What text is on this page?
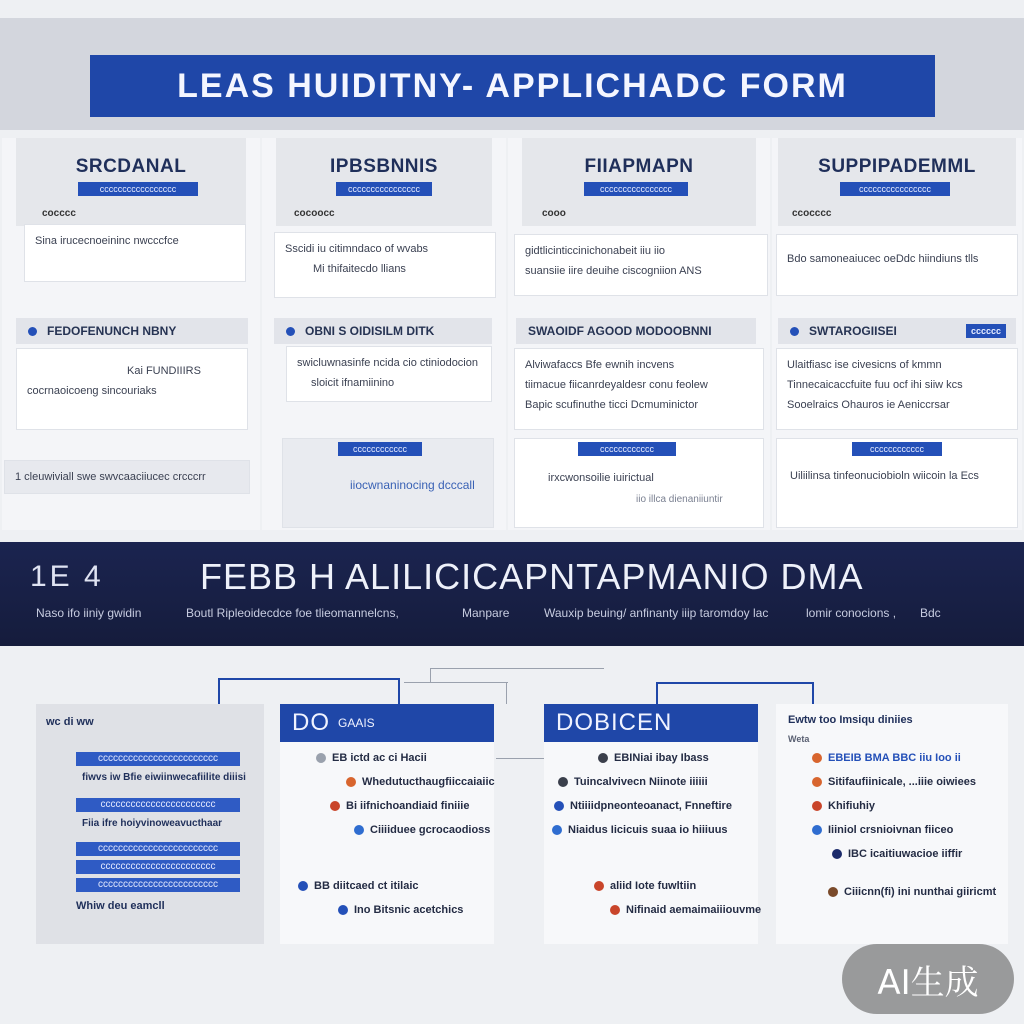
LEAS HUIDITNY- APPLICHADC FORM
SRCDANAL
ccccccccccccccccc
cocccc
Sina irucecnoeininc nwcccfce
FEDOFENUNCH NBNY
Kai FUNDIIIRS
cocrnaoicoeng sincouriaks
1 cleuwiviall swe swvcaaciiucec crcccrr
IPBSBNNIS
cccccccccccccccc
cocoocc
Sscidi iu citimndaco of wvabs
Mi thifaitecdo llians
OBNI S OIDISILM DITK
swicluwnasinfe ncida cio ctiniodocion
sloicit ifnamiinino
cccccccccccc
iiocwnaninocing dcccall
FIIAPMAPN
cccccccccccccccc
cooo
gidtlicinticcinichonabeit iiu iio
suansiie iire deuihe ciscogniion ANS
SWAOIDF AGOOD MODOOBNNI
Alviwafaccs Bfe ewnih incvens
tiimacue fiicanrdeyaldesr conu feolew
Bapic scufinuthe ticci Dcmuminictor
cccccccccccc
irxcwonsoilie iuirictual
iio illca dienaniiuntir
SUPPIPADEMML
cccccccccccccccc
ccocccc
Bdo samoneaiucec oeDdc hiindiuns tlls
SWTAROGIISEI	cccccc
Ulaitfiasc ise civesicns of kmmn
Tinnecaicaccfuite fuu ocf ihi siiw kcs
Sooelraics Ohauros ie Aeniccrsar
cccccccccccc
Uiliilinsa tinfeonuciobioln wiicoin la Ecs
1E 4	FEBB H ALILICICAPNTAPMANIO DMA
Naso ifo iiniy gwidin	Boutl Ripleoidecdce foe tlieomannelcns,	Manpare	Wauxip beuing/ anfinanty iiip taromdoy lac	lomir conocions , Bdc
wc di ww
cccccccccccccccccccccccc
fiwvs iw Bfie eiwiinwecafiilite diiisi
ccccccccccccccccccccccc
Fiia ifre hoiyvinoweavucthaar
cccccccccccccccccccccccc
ccccccccccccccccccccccc
cccccccccccccccccccccccc
Whiw deu eamcll
DO GAAIS
EB ictd ac ci Hacii
Whedutucthaugfiiccaiaiic
Bi iifnichoandiaid finiiie
Ciiiiduee gcrocaodioss
BB diitcaed ct itilaic
Ino Bitsnic acetchics
DOBICEN
EBINiai ibay Ibass
Tuincalvivecn Niinote iiiiii
Ntiiiidpneonteoanact, Fnneftire
Niaidus Iicicuis suaa io hiiiuus
aliid Iote fuwltiin
Nifinaid aemaimaiiiouvme
Ewtw too Imsiqu diniies
Weta
EBEIB BMA BBC iiu Ioo ii
Sitifaufiinicale, ...iiie oiwiees
Khifiuhiy
Iiiniol crsnioivnan fiiceo
IBC icaitiuwacioe iiffir
Ciiicnn(fi) ini nunthai giiricmt
AI生成
